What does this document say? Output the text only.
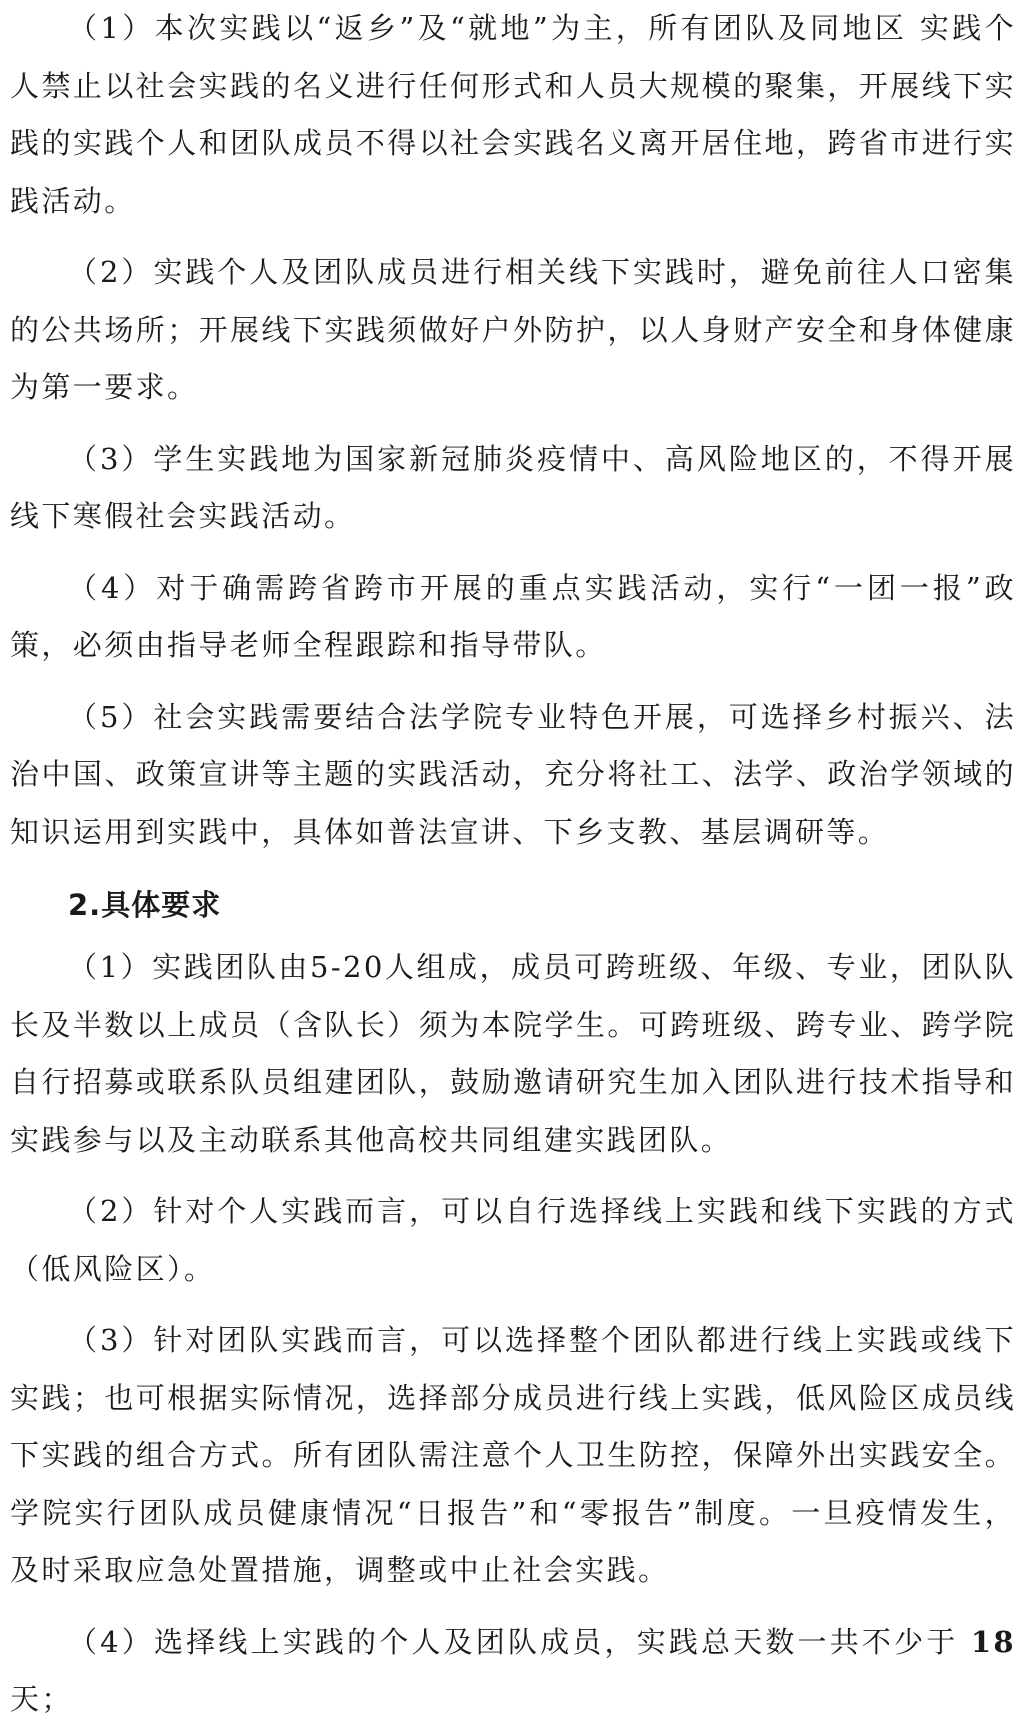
（1）本次实践以“返乡”及“就地”为主，所有团队及同地区 实践个人禁止以社会实践的名义进行任何形式和人员大规模的聚集，开展线下实践的实践个人和团队成员不得以社会实践名义离开居住地，跨省市进行实践活动。

（2）实践个人及团队成员进行相关线下实践时，避免前往人口密集的公共场所；开展线下实践须做好户外防护，以人身财产安全和身体健康为第一要求。

（3）学生实践地为国家新冠肺炎疫情中、高风险地区的，不得开展线下寒假社会实践活动。

（4）对于确需跨省跨市开展的重点实践活动，实行“一团一报”政策，必须由指导老师全程跟踪和指导带队。

（5）社会实践需要结合法学院专业特色开展，可选择乡村振兴、法治中国、政策宣讲等主题的实践活动，充分将社工、法学、政治学领域的知识运用到实践中，具体如普法宣讲、下乡支教、基层调研等。

2.具体要求

（1）实践团队由5-20人组成，成员可跨班级、年级、专业，团队队长及半数以上成员（含队长）须为本院学生。可跨班级、跨专业、跨学院自行招募或联系队员组建团队，鼓励邀请研究生加入团队进行技术指导和实践参与以及主动联系其他高校共同组建实践团队。

（2）针对个人实践而言，可以自行选择线上实践和线下实践的方式（低风险区）。

（3）针对团队实践而言，可以选择整个团队都进行线上实践或线下实践；也可根据实际情况，选择部分成员进行线上实践，低风险区成员线下实践的组合方式。所有团队需注意个人卫生防控，保障外出实践安全。学院实行团队成员健康情况“日报告”和“零报告”制度。一旦疫情发生，及时采取应急处置措施，调整或中止社会实践。

（4）选择线上实践的个人及团队成员，实践总天数一共不少于 18 天；
